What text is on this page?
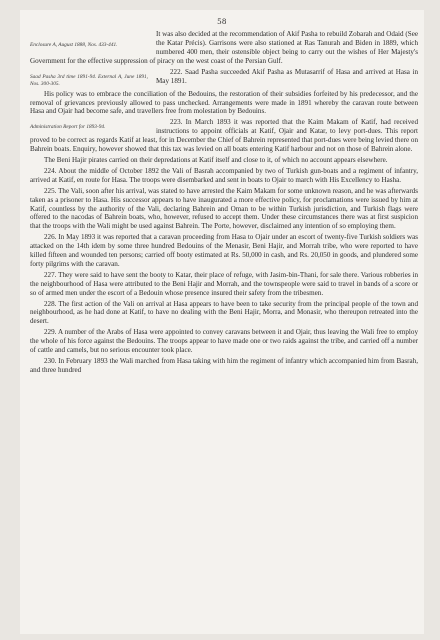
58

Enclosure A, August 1888, Nos. 433-441.
It was also decided at the recommendation of Akif Pasha to rebuild Zobarah and Odaid (See the Katar Précis). Garrisons were also stationed at Ras Tanurah and Biden in 1889, which numbered 400 men, their ostensible object being to carry out the wishes of Her Majesty's Government for the effective suppression of piracy on the west coast of the Persian Gulf.

Saad Pasha 3rd time 1891-94. External A, June 1891, Nos. 300-305.
222. Saad Pasha succeeded Akif Pasha as Mutasarrif of Hasa and arrived at Hasa in May 1891.

His policy was to embrace the conciliation of the Bedouins, the restoration of their subsidies forfeited by his predecessor, and the removal of grievances previously allowed to pass unchecked. Arrangements were made in 1891 whereby the caravan route between Hasa and Ojair had become safe, and travellers free from molestation by Bedouins.

Administration Report for 1893-94.
223. In March 1893 it was reported that the Kaim Makam of Katif, had received instructions to appoint officials at Katif, Ojair and Katar, to levy port-dues. This report proved to be correct as regards Katif at least, for in December the Chief of Bahrein represented that port-dues were being levied there on Bahrein boats. Enquiry, however showed that this tax was levied on all boats entering Katif harbour and not on those of Bahrein alone.

The Beni Hajir pirates carried on their depredations at Katif itself and close to it, of which no account appears elsewhere.

224. About the middle of October 1892 the Vali of Basrah accompanied by two of Turkish gun-boats and a regiment of infantry, arrived at Katif, en route for Hasa. The troops were disembarked and sent in boats to Ojair to march with His Excellency to Hasha.

225. The Vali, soon after his arrival, was stated to have arrested the Kaim Makam for some unknown reason, and he was afterwards taken as a prisoner to Hasa. His successor appears to have inaugurated a more effective policy, for proclamations were issued by him at Katif, countless by the authority of the Vali, declaring Bahrein and Oman to be within Turkish jurisdiction, and Turkish flags were offered to the nacodas of Bahrein boats, who, however, refused to accept them. Under these circumstances there was at first suspicion that the troops with the Wali might be used against Bahrein. The Porte, however, disclaimed any intention of so employing them.

226. In May 1893 it was reported that a caravan proceeding from Hasa to Ojair under an escort of twenty-five Turkish soldiers was attacked on the 14th idem by some three hundred Bedouins of the Menasir, Beni Hajir, and Morrah tribe, who were reported to have killed fifteen and wounded ten persons; carried off booty estimated at Rs. 50,000 in cash, and Rs. 20,050 in goods, and plundered some forty pilgrims with the caravan.

227. They were said to have sent the booty to Katar, their place of refuge, with Jasim-bin-Thani, for sale there. Various robberies in the neighbourhood of Hasa were attributed to the Beni Hajir and Morrah, and the townspeople were said to travel in bands of a score or so of armed men under the escort of a Bedouin whose presence insured their safety from the tribesmen.

228. The first action of the Vali on arrival at Hasa appears to have been to take security from the principal people of the town and neighbourhood, as he had done at Katif, to have no dealing with the Beni Hajir, Morra, and Monasir, who thereupon retreated into the desert.

229. A number of the Arabs of Hasa were appointed to convey caravans between it and Ojair, thus leaving the Wali free to employ the whole of his force against the Bedouins. The troops appear to have made one or two raids against the tribe, and carried off a number of cattle and camels, but no serious encounter took place.

230. In February 1893 the Wali marched from Hasa taking with him the regiment of infantry which accompanied him from Basrah, and three hundred
